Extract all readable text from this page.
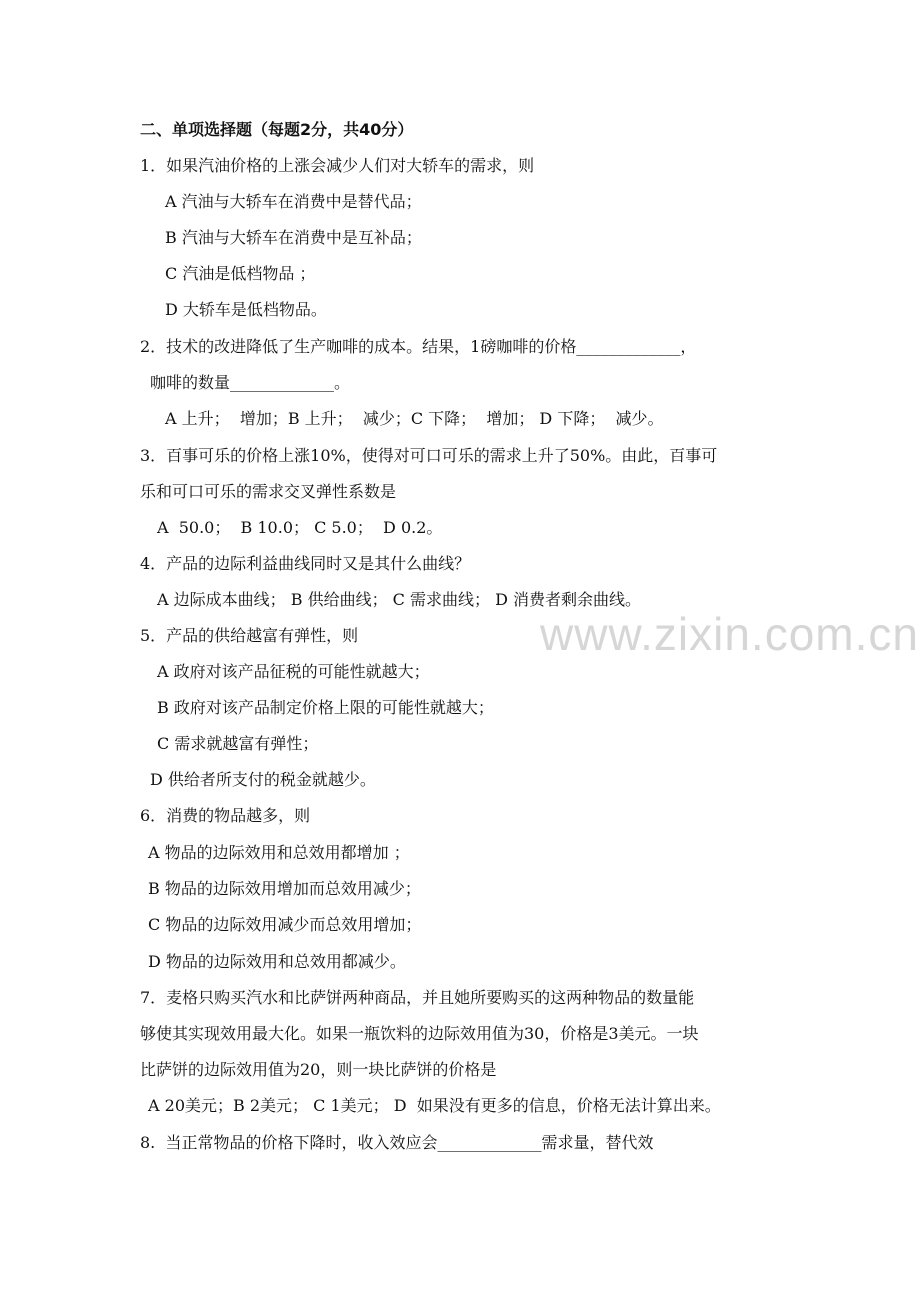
www.zixin.com.cn
二、单项选择题（每题2分，共40分）
1．如果汽油价格的上涨会减少人们对大轿车的需求，则
A 汽油与大轿车在消费中是替代品；
B 汽油与大轿车在消费中是互补品；
C 汽油是低档物品 ；
D 大轿车是低档物品。
2．技术的改进降低了生产咖啡的成本。结果，1磅咖啡的价格_____________，
咖啡的数量_____________。
A 上升；  增加；B 上升；  减少；C 下降；  增加； D 下降；  减少。
3．百事可乐的价格上涨10%，使得对可口可乐的需求上升了50%。由此，百事可
乐和可口可乐的需求交叉弹性系数是
A  50.0；  B 10.0； C 5.0；  D 0.2。
4．产品的边际利益曲线同时又是其什么曲线？
A 边际成本曲线； B 供给曲线； C 需求曲线； D 消费者剩余曲线。
5．产品的供给越富有弹性，则
A 政府对该产品征税的可能性就越大；
B 政府对该产品制定价格上限的可能性就越大；
C 需求就越富有弹性；
D 供给者所支付的税金就越少。
6．消费的物品越多，则
A 物品的边际效用和总效用都增加 ；
B 物品的边际效用增加而总效用减少；
C 物品的边际效用减少而总效用增加；
D 物品的边际效用和总效用都减少。
7．麦格只购买汽水和比萨饼两种商品，并且她所要购买的这两种物品的数量能
够使其实现效用最大化。如果一瓶饮料的边际效用值为30，价格是3美元。一块
比萨饼的边际效用值为20，则一块比萨饼的价格是
A 20美元；B 2美元； C 1美元； D  如果没有更多的信息，价格无法计算出来。
8.  当正常物品的价格下降时，收入效应会_____________需求量，替代效
